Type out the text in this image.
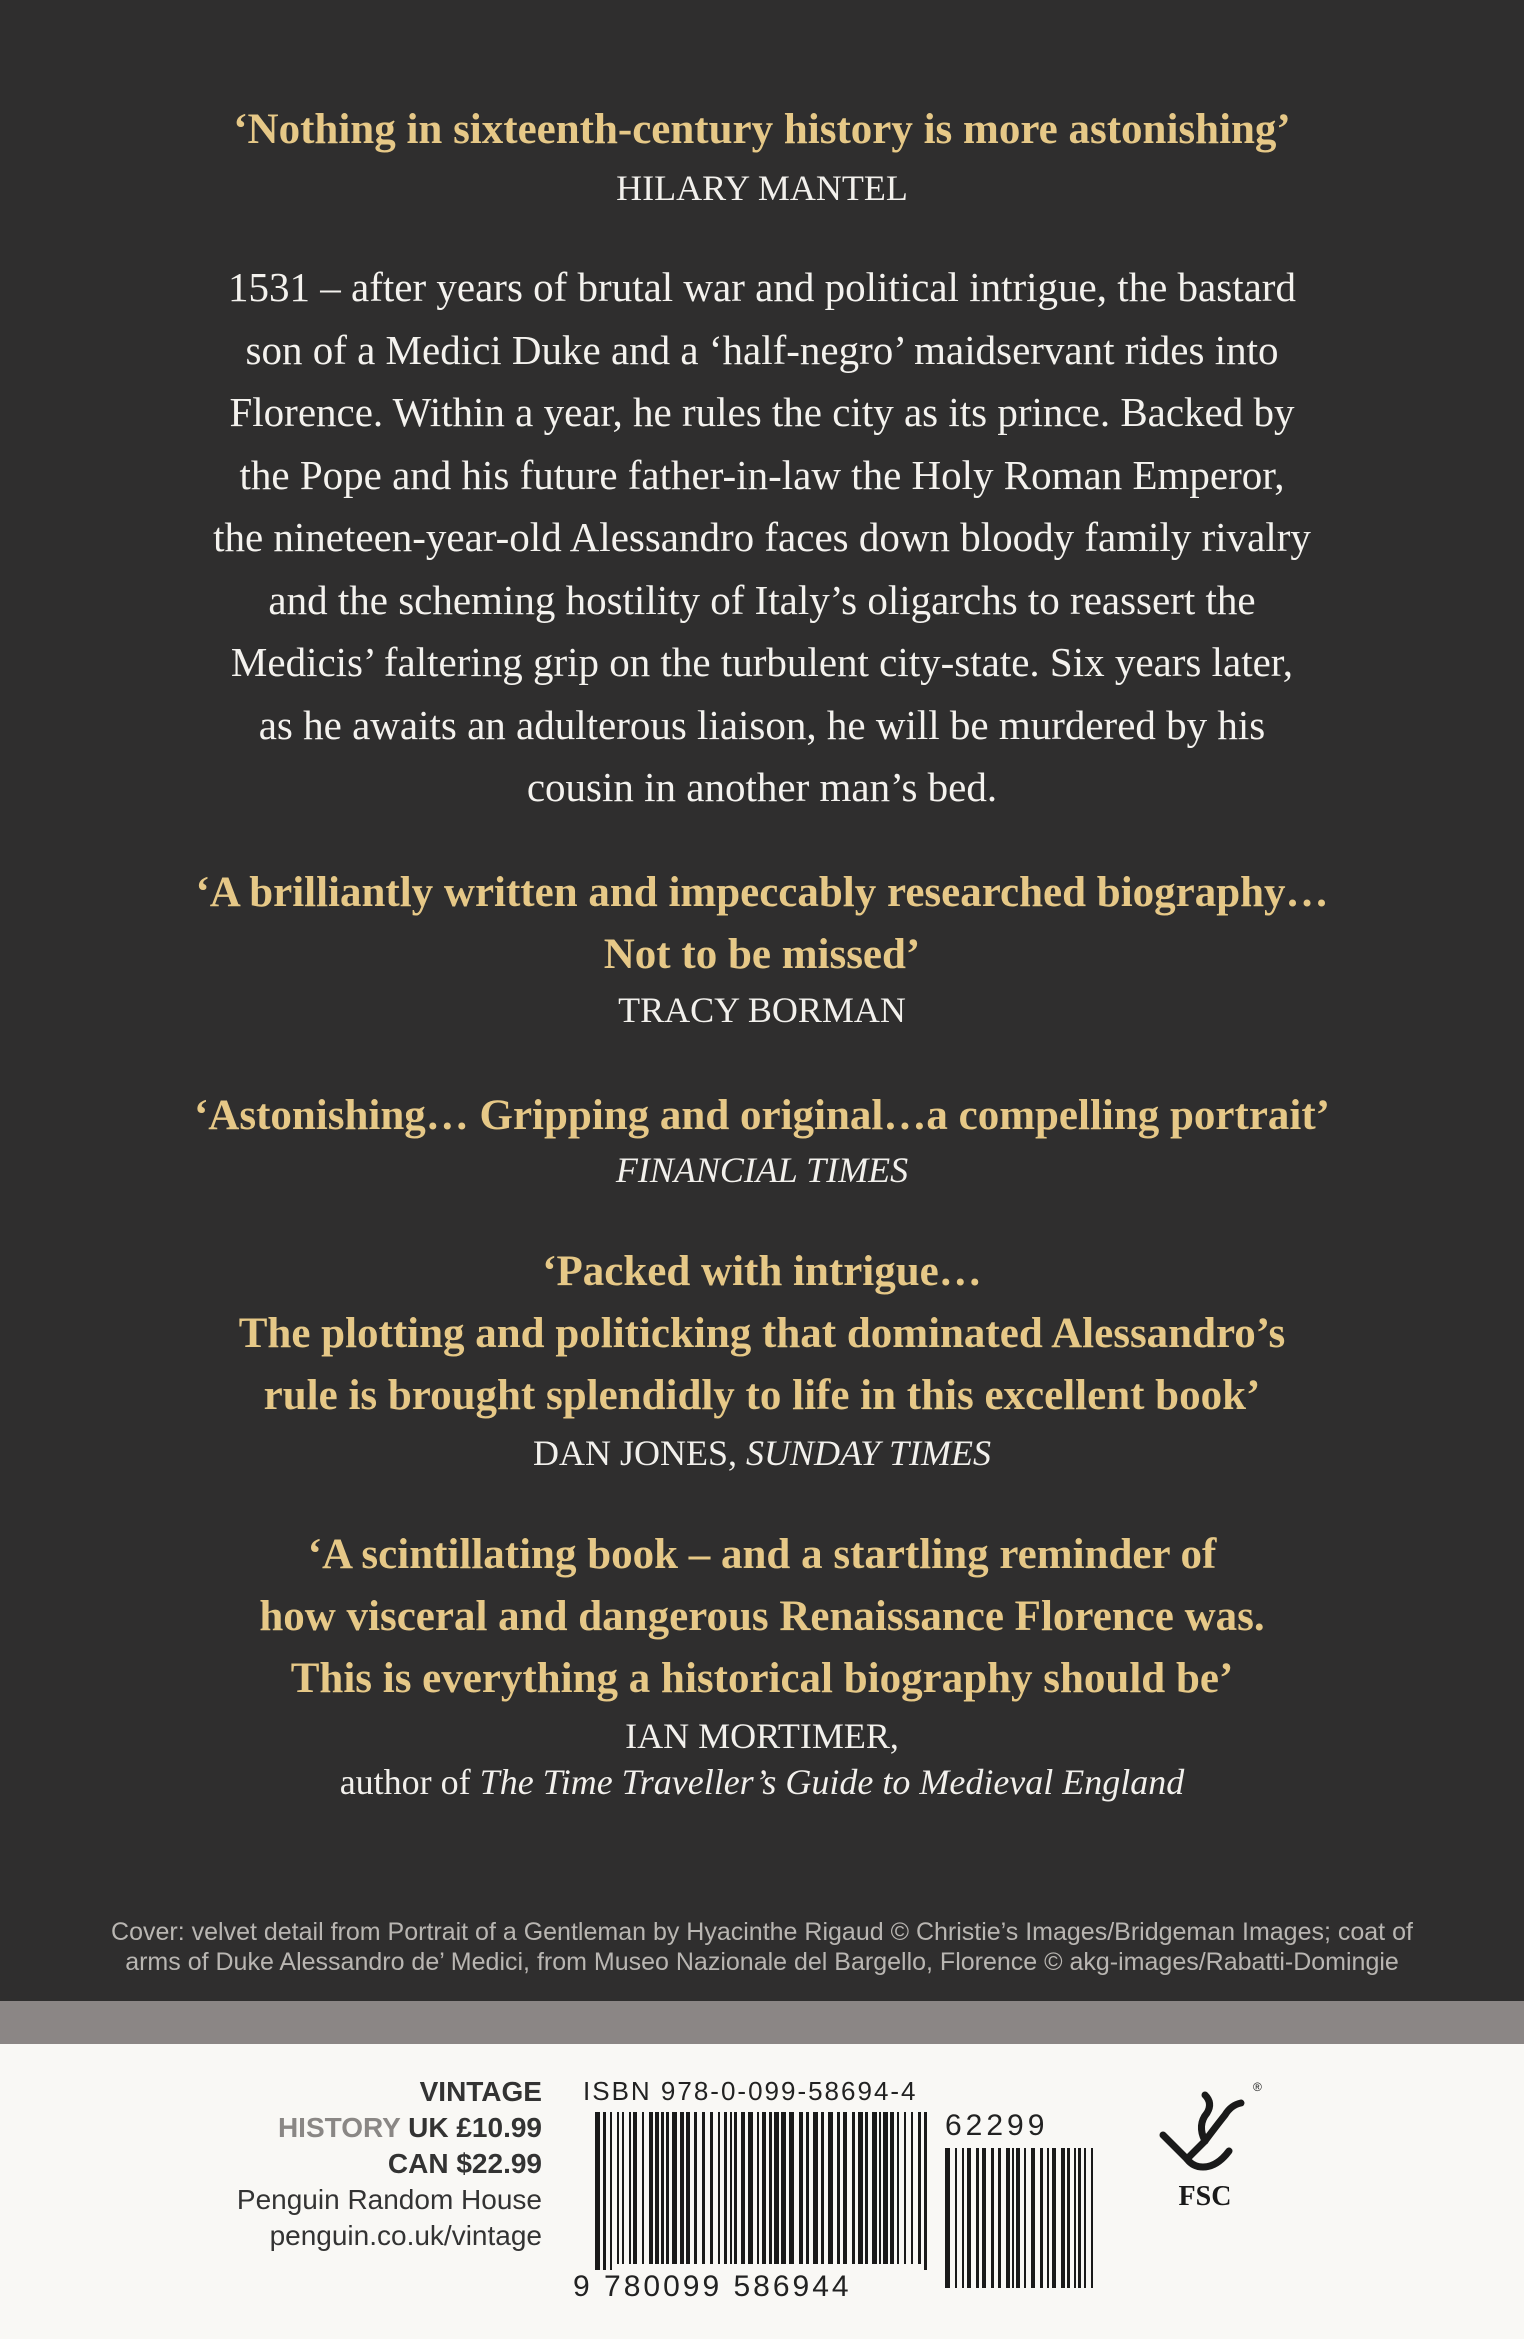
‘Nothing in sixteenth-century history is more astonishing’
HILARY MANTEL
1531 – after years of brutal war and political intrigue, the bastard
son of a Medici Duke and a ‘half-negro’ maidservant rides into
Florence. Within a year, he rules the city as its prince. Backed by
the Pope and his future father-in-law the Holy Roman Emperor,
the nineteen-year-old Alessandro faces down bloody family rivalry
and the scheming hostility of Italy’s oligarchs to reassert the
Medicis’ faltering grip on the turbulent city-state. Six years later,
as he awaits an adulterous liaison, he will be murdered by his
cousin in another man’s bed.
‘A brilliantly written and impeccably researched biography…
Not to be missed’
TRACY BORMAN
‘Astonishing… Gripping and original…a compelling portrait’
FINANCIAL TIMES
‘Packed with intrigue…
The plotting and politicking that dominated Alessandro’s
rule is brought splendidly to life in this excellent book’
DAN JONES, SUNDAY TIMES
‘A scintillating book – and a startling reminder of
how visceral and dangerous Renaissance Florence was.
This is everything a historical biography should be’
IAN MORTIMER,
author of The Time Traveller’s Guide to Medieval England
Cover: velvet detail from Portrait of a Gentleman by Hyacinthe Rigaud © Christie’s Images/Bridgeman Images; coat of
arms of Duke Alessandro de’ Medici, from Museo Nazionale del Bargello, Florence © akg-images/Rabatti-Domingie
VINTAGE
HISTORY UK £10.99
CAN $22.99
Penguin Random House
penguin.co.uk/vintage
ISBN 978-0-099-58694-4
9 780099 586944
62299
®
FSC
